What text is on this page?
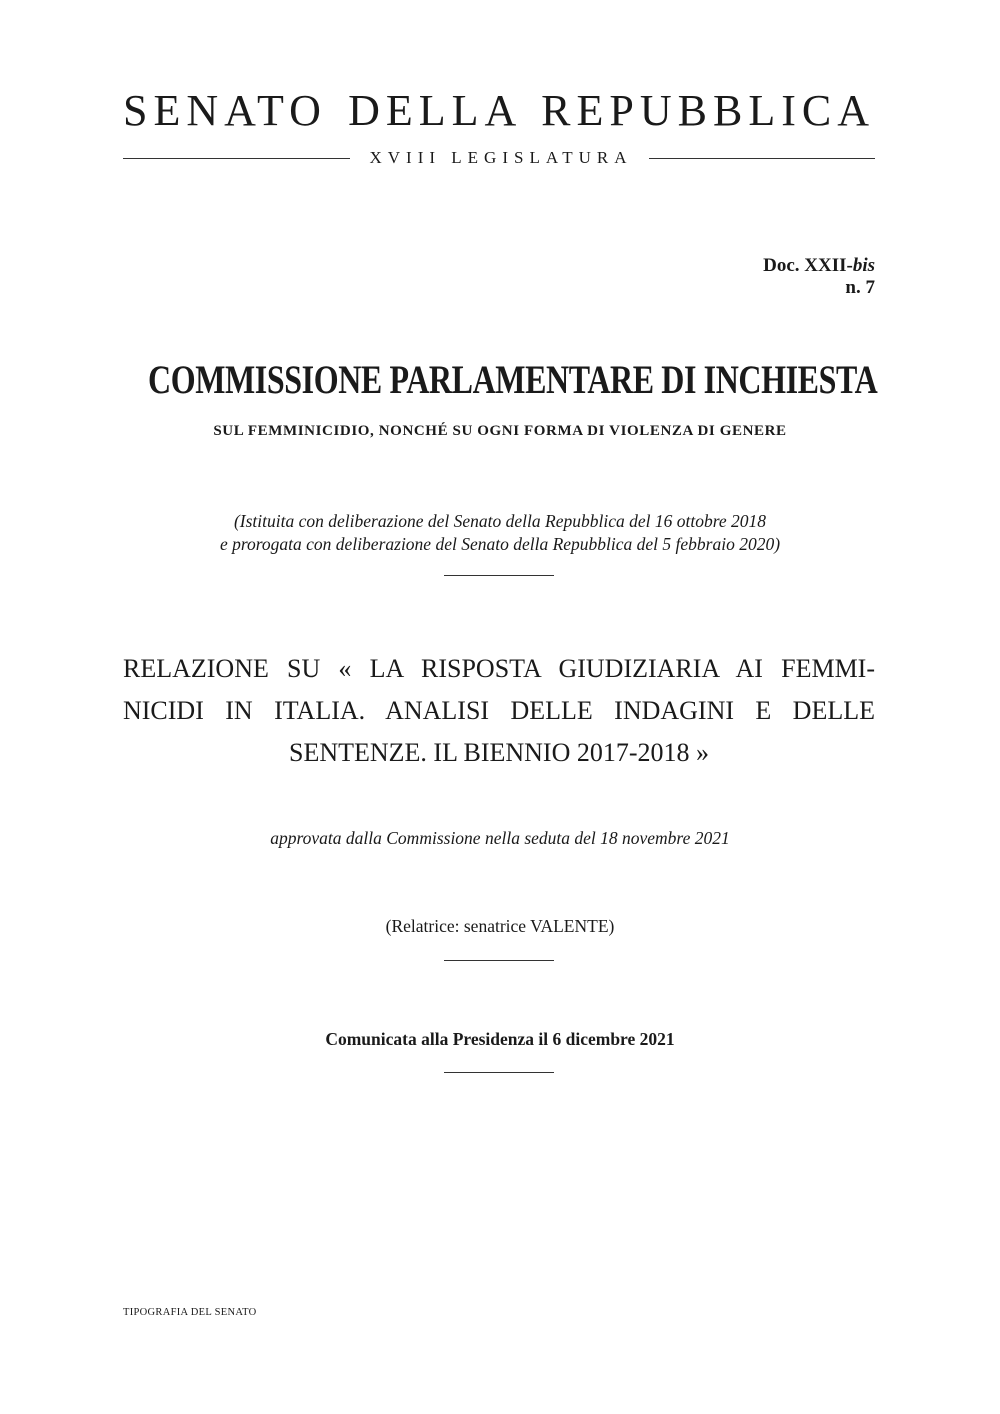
SENATO DELLA REPUBBLICA
XVIII LEGISLATURA
Doc. XXII-bis
n. 7
COMMISSIONE PARLAMENTARE DI INCHIESTA
SUL FEMMINICIDIO, NONCHÉ SU OGNI FORMA DI VIOLENZA DI GENERE
(Istituita con deliberazione del Senato della Repubblica del 16 ottobre 2018
e prorogata con deliberazione del Senato della Repubblica del 5 febbraio 2020)
RELAZIONE SU « LA RISPOSTA GIUDIZIARIA AI FEMMI-
NICIDI IN ITALIA. ANALISI DELLE INDAGINI E DELLE
SENTENZE. IL BIENNIO 2017-2018 »
approvata dalla Commissione nella seduta del 18 novembre 2021
(Relatrice: senatrice VALENTE)
Comunicata alla Presidenza il 6 dicembre 2021
TIPOGRAFIA DEL SENATO
